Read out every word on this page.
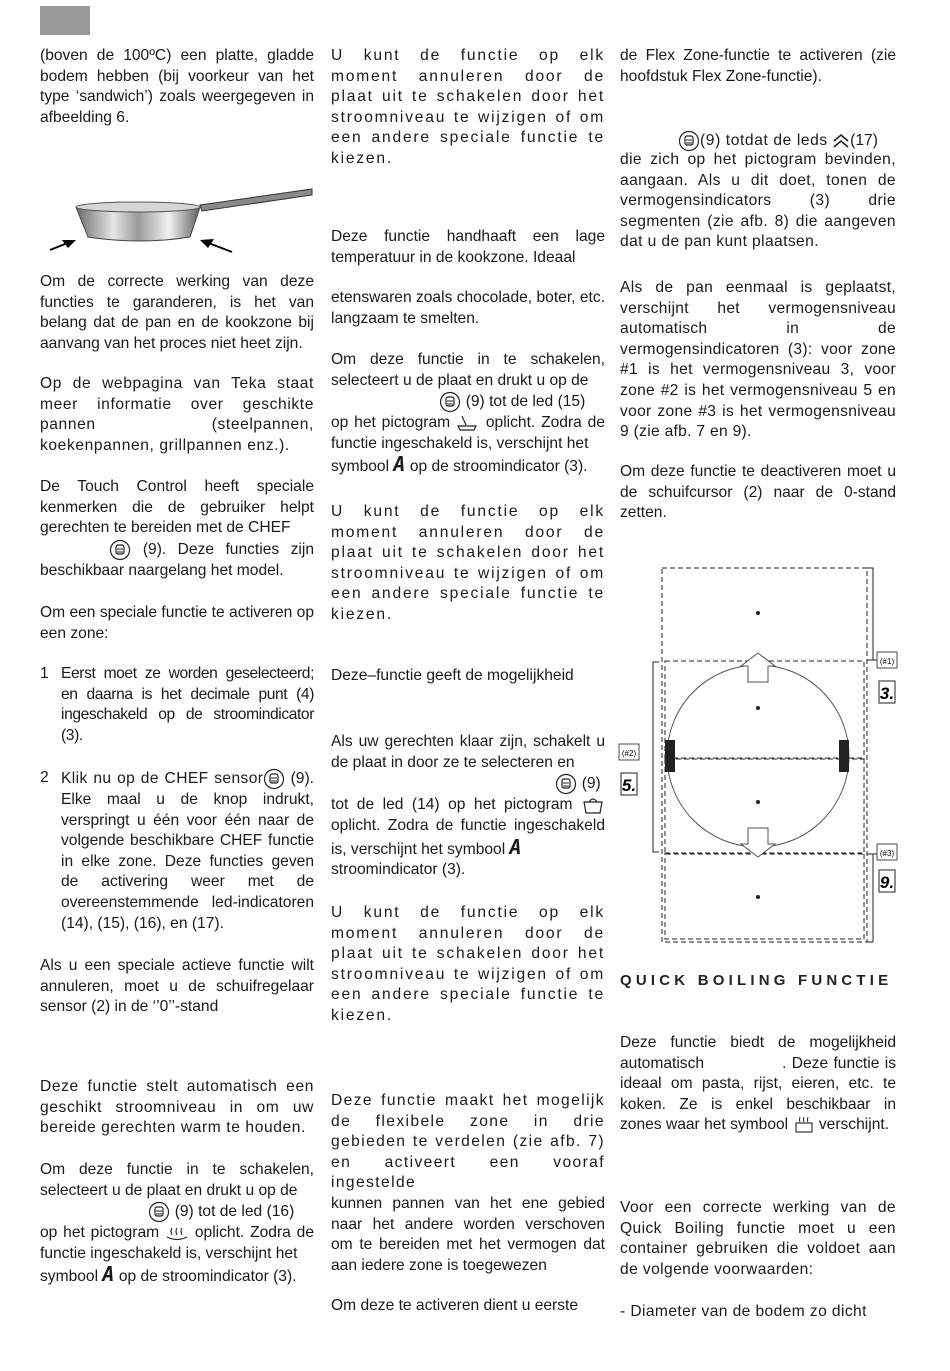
(boven de 100ºC) een platte, gladde bodem hebben (bij voorkeur van het type ‘sandwich’) zoals weergegeven in afbeelding 6.

Om de correcte werking van deze functies te garanderen, is het van belang dat de pan en de kookzone bij aanvang van het proces niet heet zijn.

Op de webpagina van Teka staat meer informatie over geschikte pannen (steelpannen, koekenpannen, grillpannen enz.).

De Touch Control heeft speciale kenmerken die de gebruiker helpt gerechten te bereiden met de CHEF
(9). Deze functies zijn beschikbaar naargelang het model.

Om een speciale functie te activeren op een zone:

1 Eerst moet ze worden geselecteerd; en daarna is het decimale punt (4) ingeschakeld op de stroomindicator (3).
2 Klik nu op de CHEF sensor (9). Elke maal u de knop indrukt, verspringt u één voor één naar de volgende beschikbare CHEF functie in elke zone. Deze functies geven de activering weer met de overeenstemmende led-indicatoren (14), (15), (16), en (17).

Als u een speciale actieve functie wilt annuleren, moet u de schuifregelaar sensor (2) in de ‘’0’’-stand

Deze functie stelt automatisch een geschikt stroomniveau in om uw bereide gerechten warm te houden.

Om deze functie in te schakelen, selecteert u de plaat en drukt u op de
(9) tot de led (16)
op het pictogram oplicht. Zodra de functie ingeschakeld is, verschijnt het
symbool A op de stroomindicator (3).

U kunt de functie op elk moment annuleren door de plaat uit te schakelen door het stroomniveau te wijzigen of om een andere speciale functie te kiezen.

Deze functie handhaaft een lage temperatuur in de kookzone. Ideaal

etenswaren zoals chocolade, boter, etc. langzaam te smelten.

Om deze functie in te schakelen, selecteert u de plaat en drukt u op de
(9) tot de led (15)
op het pictogram oplicht. Zodra de functie ingeschakeld is, verschijnt het
symbool A op de stroomindicator (3).

U kunt de functie op elk moment annuleren door de plaat uit te schakelen door het stroomniveau te wijzigen of om een andere speciale functie te kiezen.

Deze–functie geeft de mogelijkheid

Als uw gerechten klaar zijn, schakelt u de plaat in door ze te selecteren en
(9)
tot de led (14) op het pictogram  oplicht. Zodra de functie ingeschakeld is, verschijnt het symbool A
stroomindicator (3).

U kunt de functie op elk moment annuleren door de plaat uit te schakelen door het stroomniveau te wijzigen of om een andere speciale functie te kiezen.

Deze functie maakt het mogelijk de flexibele zone in drie gebieden te verdelen (zie afb. 7) en activeert een vooraf ingestelde

kunnen pannen van het ene gebied naar het andere worden verschoven om te bereiden met het vermogen dat aan iedere zone is toegewezen

Om deze te activeren dient u eerste

de Flex Zone-functie te activeren (zie hoofdstuk Flex Zone-functie).

(9) totdat de leds (17)
die zich op het pictogram bevinden, aangaan. Als u dit doet, tonen de vermogensindicators (3) drie segmenten (zie afb. 8) die aangeven dat u de pan kunt plaatsen.

Als de pan eenmaal is geplaatst, verschijnt het vermogensniveau automatisch in de vermogensindicatoren (3): voor zone #1 is het vermogensniveau 3, voor zone #2 is het vermogensniveau 5 en voor zone #3 is het vermogensniveau 9 (zie afb. 7 en 9).

Om deze functie te deactiveren moet u de schuifcursor (2) naar de 0-stand zetten.

(#1)
3.
(#2)
5.
(#3)
9.
QUICK BOILING FUNCTIE

Deze functie biedt de mogelijkheid automatisch	. Deze functie is ideaal om pasta, rijst, eieren, etc. te koken. Ze is enkel beschikbaar in zones waar het symbool verschijnt.

Voor een correcte werking van de Quick Boiling functie moet u een container gebruiken die voldoet aan de volgende voorwaarden:

- Diameter van de bodem zo dicht
